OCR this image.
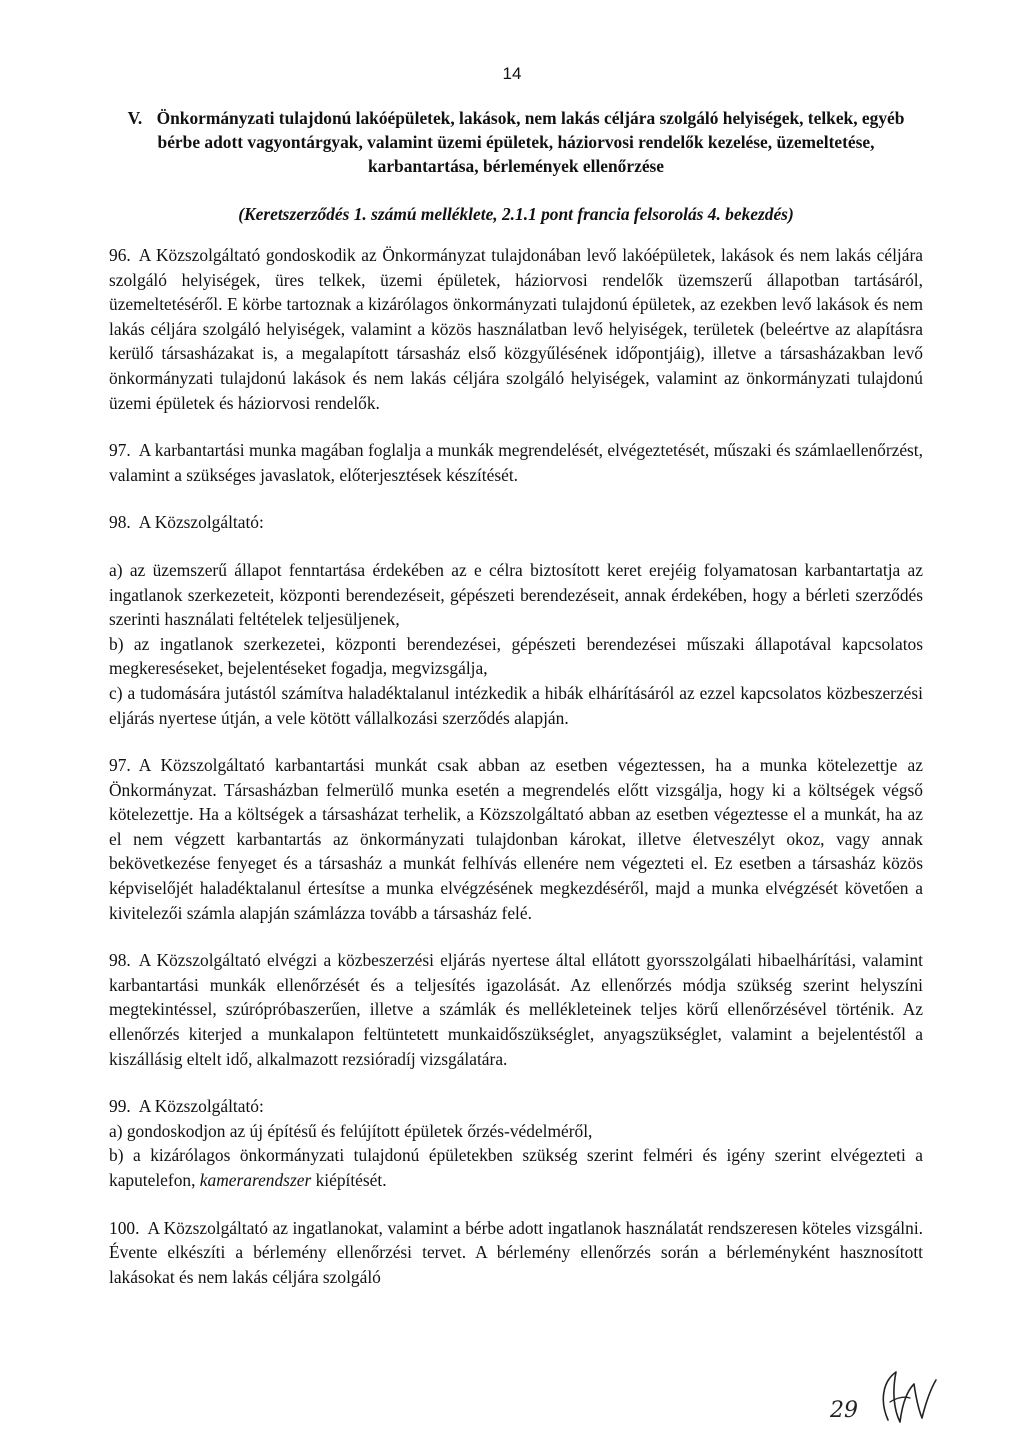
14

V. Önkormányzati tulajdonú lakóépületek, lakások, nem lakás céljára szolgáló helyiségek, telkek, egyéb bérbe adott vagyontárgyak, valamint üzemi épületek, háziorvosi rendelők kezelése, üzemeltetése, karbantartása, bérlemények ellenőrzése

(Keretszerződés 1. számú melléklete, 2.1.1 pont francia felsorolás 4. bekezdés)

96. A Közszolgáltató gondoskodik az Önkormányzat tulajdonában levő lakóépületek, lakások és nem lakás céljára szolgáló helyiségek, üres telkek, üzemi épületek, háziorvosi rendelők üzemszerű állapotban tartásáról, üzemeltetéséről. E körbe tartoznak a kizárólagos önkormányzati tulajdonú épületek, az ezekben levő lakások és nem lakás céljára szolgáló helyiségek, valamint a közös használatban levő helyiségek, területek (beleértve az alapításra kerülő társasházakat is, a megalapított társasház első közgyűlésének időpontjáig), illetve a társasházakban levő önkormányzati tulajdonú lakások és nem lakás céljára szolgáló helyiségek, valamint az önkormányzati tulajdonú üzemi épületek és háziorvosi rendelők.

97. A karbantartási munka magában foglalja a munkák megrendelését, elvégeztetését, műszaki és számlaellenőrzést, valamint a szükséges javaslatok, előterjesztések készítését.

98. A Közszolgáltató:

a) az üzemszerű állapot fenntartása érdekében az e célra biztosított keret erejéig folyamatosan karbantartatja az ingatlanok szerkezeteit, központi berendezéseit, gépészeti berendezéseit, annak érdekében, hogy a bérleti szerződés szerinti használati feltételek teljesüljenek,

b) az ingatlanok szerkezetei, központi berendezései, gépészeti berendezései műszaki állapotával kapcsolatos megkereséseket, bejelentéseket fogadja, megvizsgálja,

c) a tudomására jutástól számítva haladéktalanul intézkedik a hibák elhárításáról az ezzel kapcsolatos közbeszerzési eljárás nyertese útján, a vele kötött vállalkozási szerződés alapján.

97. A Közszolgáltató karbantartási munkát csak abban az esetben végeztessen, ha a munka kötelezettje az Önkormányzat. Társasházban felmerülő munka esetén a megrendelés előtt vizsgálja, hogy ki a költségek végső kötelezettje. Ha a költségek a társasházat terhelik, a Közszolgáltató abban az esetben végeztesse el a munkát, ha az el nem végzett karbantartás az önkormányzati tulajdonban károkat, illetve életveszélyt okoz, vagy annak bekövetkezése fenyeget és a társasház a munkát felhívás ellenére nem végezteti el. Ez esetben a társasház közös képviselőjét haladéktalanul értesítse a munka elvégzésének megkezdéséről, majd a munka elvégzését követően a kivitelezői számla alapján számlázza tovább a társasház felé.

98. A Közszolgáltató elvégzi a közbeszerzési eljárás nyertese által ellátott gyorsszolgálati hibaelhárítási, valamint karbantartási munkák ellenőrzését és a teljesítés igazolását. Az ellenőrzés módja szükség szerint helyszíni megtekintéssel, szúrópróbaszerűen, illetve a számlák és mellékleteinek teljes körű ellenőrzésével történik. Az ellenőrzés kiterjed a munkalapon feltüntetett munkaidőszükséglet, anyagszükséglet, valamint a bejelentéstől a kiszállásig eltelt idő, alkalmazott rezsióradíj vizsgálatára.

99. A Közszolgáltató:

a) gondoskodjon az új építésű és felújított épületek őrzés-védelméről,

b) a kizárólagos önkormányzati tulajdonú épületekben szükség szerint felméri és igény szerint elvégezteti a kaputelefon, kamerarendszer kiépítését.

100. A Közszolgáltató az ingatlanokat, valamint a bérbe adott ingatlanok használatát rendszeresen köteles vizsgálni. Évente elkészíti a bérlemény ellenőrzési tervet. A bérlemény ellenőrzés során a bérleményként hasznosított lakásokat és nem lakás céljára szolgáló

29
